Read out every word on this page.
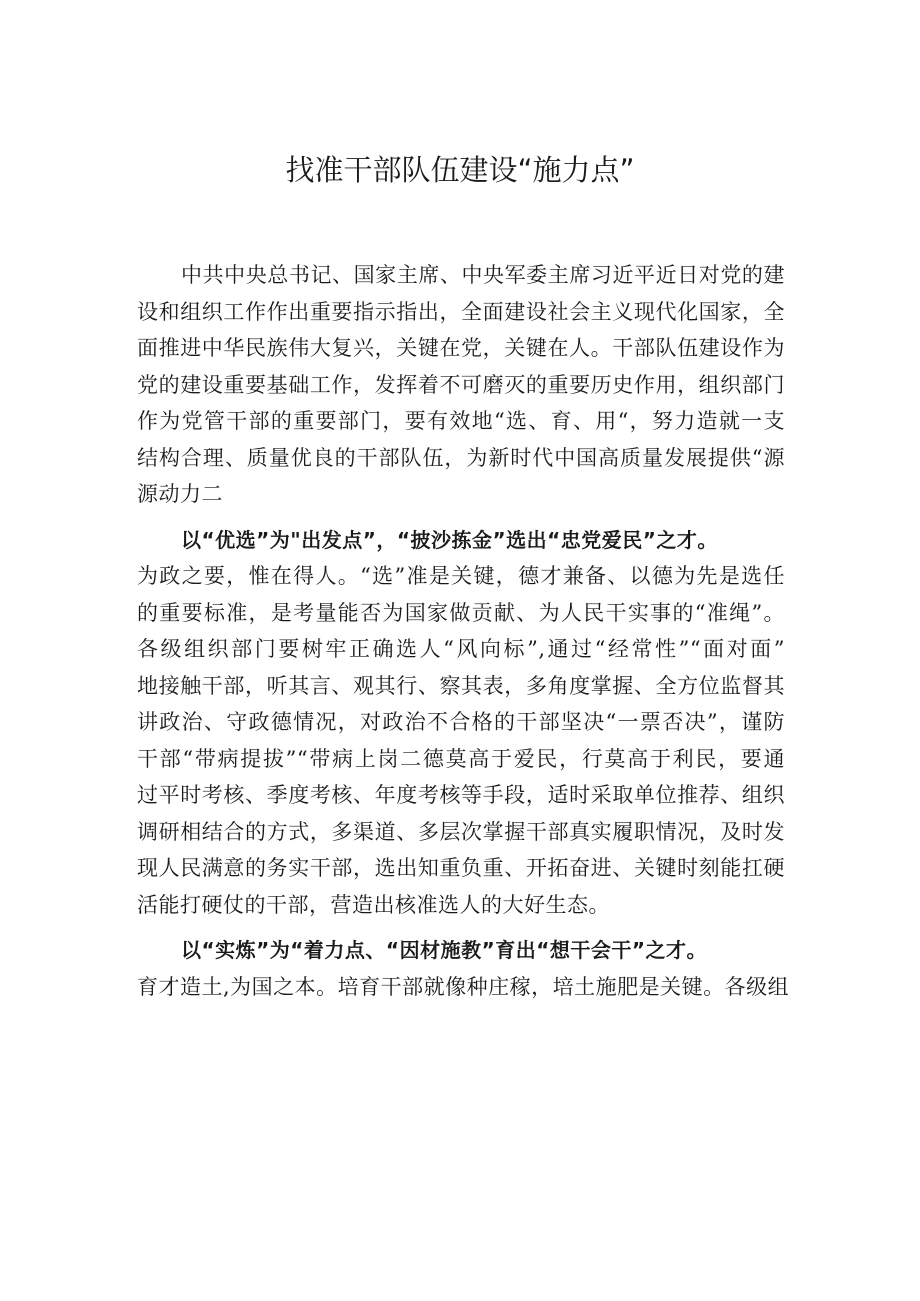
找准干部队伍建设“施力点”
中共中央总书记、国家主席、中央军委主席习近平近日对党的建
设和组织工作作出重要指示指出，全面建设社会主义现代化国家，全
面推进中华民族伟大复兴，关键在党，关键在人。干部队伍建设作为
党的建设重要基础工作，发挥着不可磨灭的重要历史作用，组织部门
作为党管干部的重要部门，要有效地“选、育、用“，努力造就一支
结构合理、质量优良的干部队伍，为新时代中国高质量发展提供“源
源动力二
以“优选”为"出发点”，“披沙拣金”选出“忠党爱民”之才。
为政之要，惟在得人。“选”准是关键，德才兼备、以德为先是选任
的重要标准，是考量能否为国家做贡献、为人民干实事的“准绳”。
各级组织部门要树牢正确选人“风向标”,通过“经常性”“面对面”
地接触干部，听其言、观其行、察其表，多角度掌握、全方位监督其
讲政治、守政德情况，对政治不合格的干部坚决“一票否决”，谨防
干部“带病提拔”“带病上岗二德莫高于爱民，行莫高于利民，要通
过平时考核、季度考核、年度考核等手段，适时采取单位推荐、组织
调研相结合的方式，多渠道、多层次掌握干部真实履职情况，及时发
现人民满意的务实干部，选出知重负重、开拓奋进、关键时刻能扛硬
活能打硬仗的干部，营造出核准选人的大好生态。
以“实炼”为“着力点、“因材施教”育出“想干会干”之才。
育才造土,为国之本。培育干部就像种庄稼，培土施肥是关键。各级组
